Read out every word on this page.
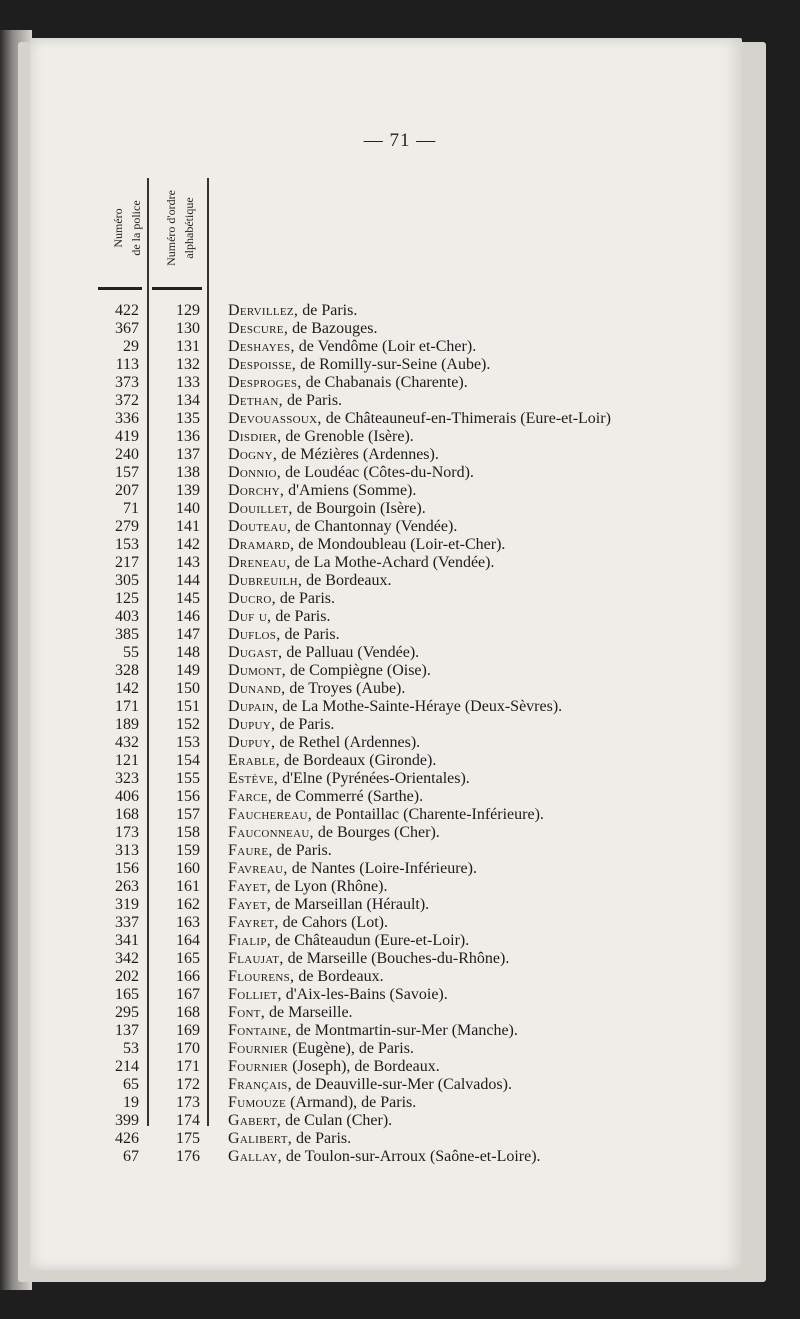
— 71 —
Numéro de la police Numéro d'ordre alphabétique
422	129 Dervillez, de Paris.
367	130 Descure, de Bazouges.
29	131 Deshayes, de Vendôme (Loir et-Cher).
113	132 Despoisse, de Romilly-sur-Seine (Aube).
373	133 Desproges, de Chabanais (Charente).
372	134 Dethan, de Paris.
336	135 Devouassoux, de Châteauneuf-en-Thimerais (Eure-et-Loir)
419	136 Disdier, de Grenoble (Isère).
240	137 Dogny, de Mézières (Ardennes).
157	138 Donnio, de Loudéac (Côtes-du-Nord).
207	139 Dorchy, d'Amiens (Somme).
71	140 Douillet, de Bourgoin (Isère).
279	141 Douteau, de Chantonnay (Vendée).
153	142 Dramard, de Mondoubleau (Loir-et-Cher).
217	143 Dreneau, de La Mothe-Achard (Vendée).
305	144 Dubreuilh, de Bordeaux.
125	145 Ducro, de Paris.
403	146 Duf u, de Paris.
385	147 Duflos, de Paris.
55	148 Dugast, de Palluau (Vendée).
328	149 Dumont, de Compiègne (Oise).
142	150 Dunand, de Troyes (Aube).
171	151 Dupain, de La Mothe-Sainte-Héraye (Deux-Sèvres).
189	152 Dupuy, de Paris.
432	153 Dupuy, de Rethel (Ardennes).
121	154 Erable, de Bordeaux (Gironde).
323	155 Estève, d'Elne (Pyrénées-Orientales).
406	156 Farce, de Commerré (Sarthe).
168	157 Fauchereau, de Pontaillac (Charente-Inférieure).
173	158 Fauconneau, de Bourges (Cher).
313	159 Faure, de Paris.
156	160 Favreau, de Nantes (Loire-Inférieure).
263	161 Fayet, de Lyon (Rhône).
319	162 Fayet, de Marseillan (Hérault).
337	163 Fayret, de Cahors (Lot).
341	164 Fialip, de Châteaudun (Eure-et-Loir).
342	165 Flaujat, de Marseille (Bouches-du-Rhône).
202	166 Flourens, de Bordeaux.
165	167 Folliet, d'Aix-les-Bains (Savoie).
295	168 Font, de Marseille.
137	169 Fontaine, de Montmartin-sur-Mer (Manche).
53	170 Fournier (Eugène), de Paris.
214	171 Fournier (Joseph), de Bordeaux.
65	172 Français, de Deauville-sur-Mer (Calvados).
19	173 Fumouze (Armand), de Paris.
399	174 Gabert, de Culan (Cher).
426	175 Galibert, de Paris.
67	176 Gallay, de Toulon-sur-Arroux (Saône-et-Loire).
